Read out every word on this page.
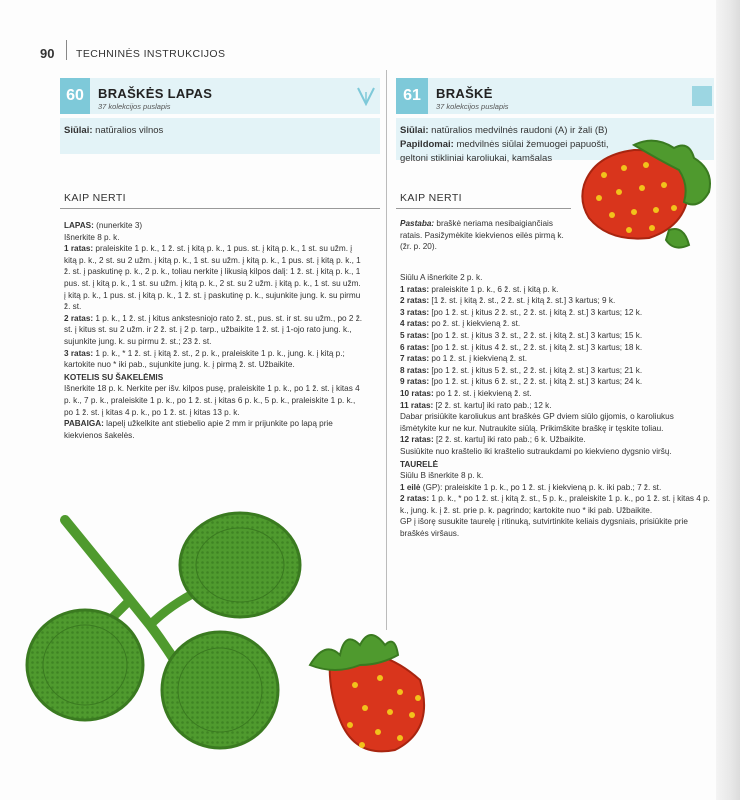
90 TECHNINĖS INSTRUKCIJOS
60	BRAŠKĖS LAPAS
37 kolekcijos puslapis
Siūlai: natūralios vilnos
KAIP NERTI

LAPAS: (nunerkite 3)

Išnerkite 8 p. k.

1 ratas: praleiskite 1 p. k., 1 ž. st. į kitą p. k., 1 pus. st. į kitą p. k., 1 st. su užm. į kitą p. k., 2 st. su 2 užm. į kitą p. k., 1 st. su užm. į kitą p. k., 1 pus. st. į kitą p. k., 1 ž. st. į paskutinę p. k., 2 p. k., toliau nerkite į likusią kilpos dalį: 1 ž. st. į kitą p. k., 1 pus. st. į kitą p. k., 1 st. su užm. į kitą p. k., 2 st. su 2 užm. į kitą p. k., 1 st. su užm. į kitą p. k., 1 pus. st. į kitą p. k., 1 ž. st. į paskutinę p. k., sujunkite jung. k. su pirmu ž. st.

2 ratas: 1 p. k., 1 ž. st. į kitus ankstesniojo rato ž. st., pus. st. ir st. su užm., po 2 ž. st. į kitus st. su 2 užm. ir 2 ž. st. į 2 p. tarp., užbaikite 1 ž. st. į 1-ojo rato jung. k., sujunkite jung. k. su pirmu ž. st.; 23 ž. st.

3 ratas: 1 p. k., * 1 ž. st. į kitą ž. st., 2 p. k., praleiskite 1 p. k., jung. k. į kitą p.; kartokite nuo * iki pab., sujunkite jung. k. į pirmą ž. st. Užbaikite.

KOTELIS SU ŠAKELĖMIS

Išnerkite 18 p. k. Nerkite per išv. kilpos pusę, praleiskite 1 p. k., po 1 ž. st. į kitas 4 p. k., 7 p. k., praleiskite 1 p. k., po 1 ž. st. į kitas 6 p. k., 5 p. k., praleiskite 1 p. k., po 1 ž. st. į kitas 4 p. k., po 1 ž. st. į kitas 13 p. k.

PABAIGA: lapelį užkelkite ant stiebelio apie 2 mm ir prijunkite po lapą prie kiekvienos šakelės.

61	BRAŠKĖ
37 kolekcijos puslapis
Siūlai: natūralios medvilnės raudoni (A) ir žali (B)
Papildomai: medvilnės siūlai žemuogei papuošti, geltoni stikliniai karoliukai, kamšalas
KAIP NERTI

Pastaba: braškė neriama nesibaigiančiais ratais. Pasižymėkite kiekvienos eilės pirmą k. (žr. p. 20).

Siūlu A išnerkite 2 p. k.

1 ratas: praleiskite 1 p. k., 6 ž. st. į kitą p. k.

2 ratas: [1 ž. st. į kitą ž. st., 2 ž. st. į kitą ž. st.] 3 kartus; 9 k.

3 ratas: [po 1 ž. st. į kitus 2 ž. st., 2 ž. st. į kitą ž. st.] 3 kartus; 12 k.

4 ratas: po ž. st. į kiekvieną ž. st.

5 ratas: [po 1 ž. st. į kitus 3 ž. st., 2 ž. st. į kitą ž. st.] 3 kartus; 15 k.

6 ratas: [po 1 ž. st. į kitus 4 ž. st., 2 ž. st. į kitą ž. st.] 3 kartus; 18 k.

7 ratas: po 1 ž. st. į kiekvieną ž. st.

8 ratas: [po 1 ž. st. į kitus 5 ž. st., 2 ž. st. į kitą ž. st.] 3 kartus; 21 k.

9 ratas: [po 1 ž. st. į kitus 6 ž. st., 2 ž. st. į kitą ž. st.] 3 kartus; 24 k.

10 ratas: po 1 ž. st. į kiekvieną ž. st.

11 ratas: [2 ž. st. kartu] iki rato pab.; 12 k.

Dabar prisiūkite karoliukus ant braškės GP dviem siūlo gijomis, o karoliukus išmėtykite kur ne kur. Nutraukite siūlą. Prikimškite braškę ir tęskite toliau.

12 ratas: [2 ž. st. kartu] iki rato pab.; 6 k. Užbaikite.

Susiūkite nuo kraštelio iki kraštelio sutraukdami po kiekvieno dygsnio viršų.

TAURELĖ

Siūlu B išnerkite 8 p. k.

1 eilė (GP): praleiskite 1 p. k., po 1 ž. st. į kiekvieną p. k. iki pab.; 7 ž. st.

2 ratas: 1 p. k., * po 1 ž. st. į kitą ž. st., 5 p. k., praleiskite 1 p. k., po 1 ž. st. į kitas 4 p. k., jung. k. į ž. st. prie p. k. pagrindo; kartokite nuo * iki pab. Užbaikite.

GP į išorę susukite taurelę į ritinuką, sutvirtinkite keliais dygsniais, prisiūkite prie braškės viršaus.
